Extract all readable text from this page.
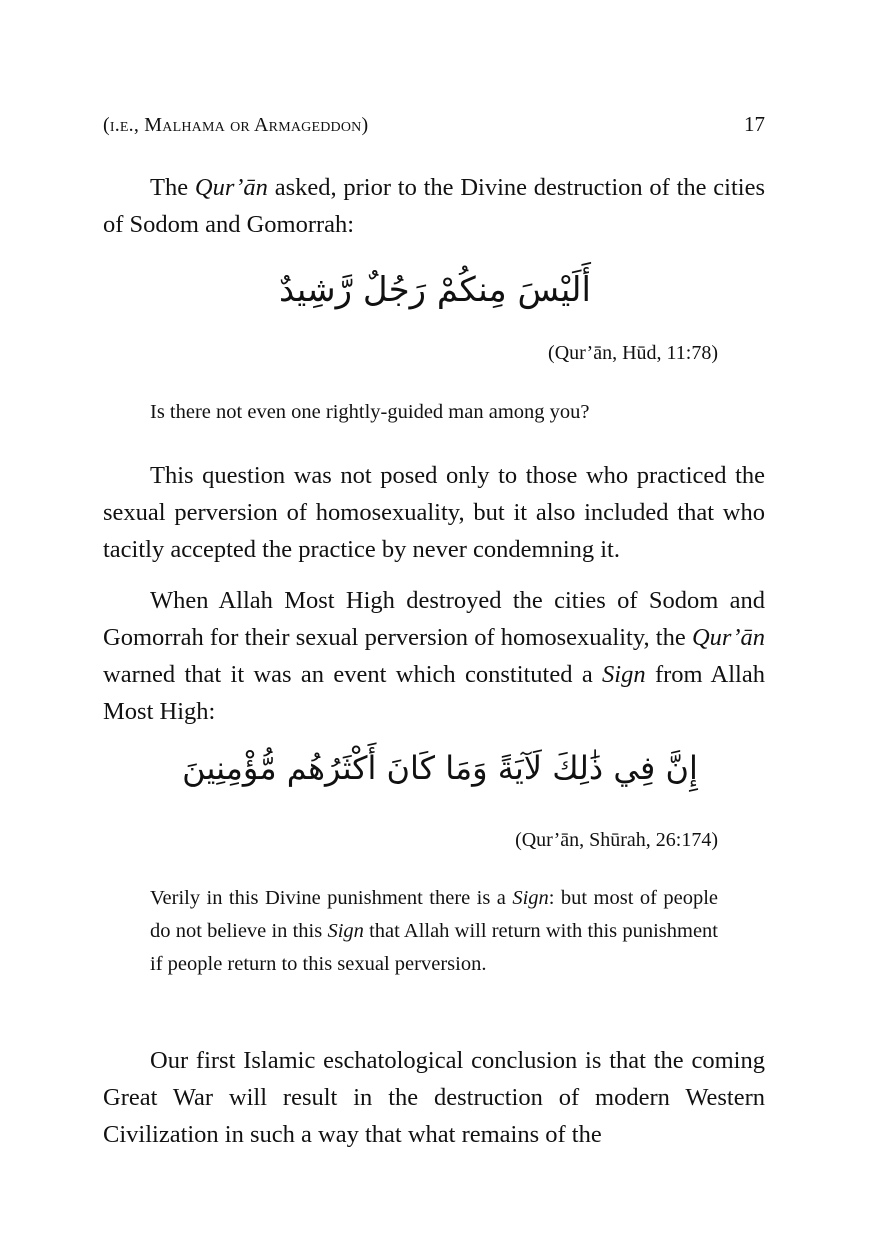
(i.e., Malhama or Armageddon)	17

The Qur’ān asked, prior to the Divine destruction of the cities of Sodom and Gomorrah:

أَلَيْسَ مِنكُمْ رَجُلٌ رَّشِيدٌ
(Qur’ān, Hūd, 11:78)

Is there not even one rightly-guided man among you?

This question was not posed only to those who practiced the sexual perversion of homosexuality, but it also included that who tacitly accepted the practice by never condemning it.

When Allah Most High destroyed the cities of Sodom and Gomorrah for their sexual perversion of homosexuality, the Qur’ān warned that it was an event which constituted a Sign from Allah Most High:

إِنَّ فِي ذَٰلِكَ لَآيَةً وَمَا كَانَ أَكْثَرُهُم مُّؤْمِنِينَ
(Qur’ān, Shūrah, 26:174)

Verily in this Divine punishment there is a Sign: but most of people do not believe in this Sign that Allah will return with this punishment if people return to this sexual perversion.

Our first Islamic eschatological conclusion is that the coming Great War will result in the destruction of modern Western Civilization in such a way that what remains of the
